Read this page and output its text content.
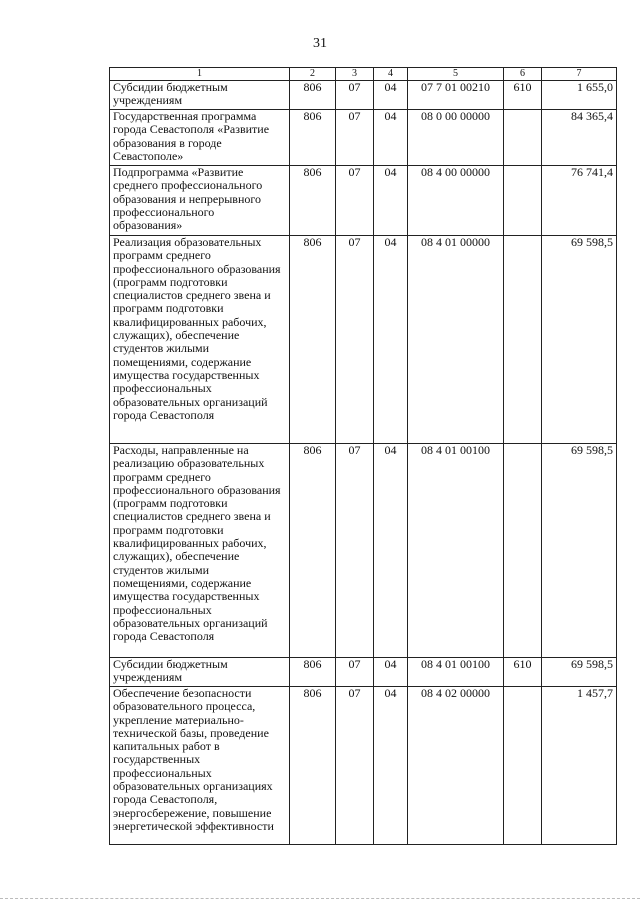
31
1	2	3	4	5	6	7
Субсидии бюджетным учреждениям	806	07	04	07 7 01 00210	610	1 655,0
Государственная программа города Севастополя «Развитие образования в городе Севастополе»	806	07	04	08 0 00 00000		84 365,4
Подпрограмма «Развитие среднего профессионального образования и непрерывного профессионального образования»	806	07	04	08 4 00 00000		76 741,4
Реализация образовательных программ среднего профессионального образования (программ подготовки специалистов среднего звена и программ подготовки квалифицированных рабочих, служащих), обеспечение студентов жилыми помещениями, содержание имущества государственных профессиональных образовательных организаций города Севастополя	806	07	04	08 4 01 00000		69 598,5
Расходы, направленные на реализацию образовательных программ среднего профессионального образования (программ подготовки специалистов среднего звена и программ подготовки квалифицированных рабочих, служащих), обеспечение студентов жилыми помещениями, содержание имущества государственных профессиональных образовательных организаций города Севастополя	806	07	04	08 4 01 00100		69 598,5
Субсидии бюджетным учреждениям	806	07	04	08 4 01 00100	610	69 598,5
Обеспечение безопасности образовательного процесса, укрепление материально-технической базы, проведение капитальных работ в государственных профессиональных образовательных организациях города Севастополя, энергосбережение, повышение энергетической эффективности	806	07	04	08 4 02 00000		1 457,7
